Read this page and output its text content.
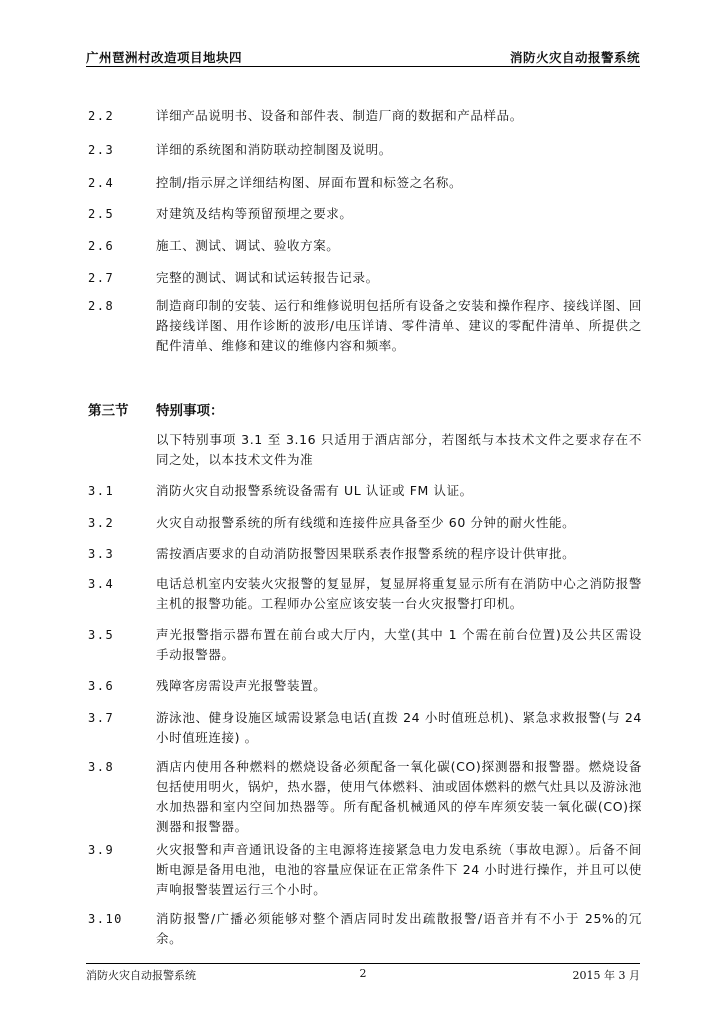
广州琶洲村改造项目地块四	消防火灾自动报警系统
2.2	详细产品说明书、设备和部件表、制造厂商的数据和产品样品。
2.3	详细的系统图和消防联动控制图及说明。
2.4	控制/指示屏之详细结构图、屏面布置和标签之名称。
2.5	对建筑及结构等预留预埋之要求。
2.6	施工、测试、调试、验收方案。
2.7	完整的测试、调试和试运转报告记录。
2.8	制造商印制的安装、运行和维修说明包括所有设备之安装和操作程序、接线详图、回路接线详图、用作诊断的波形/电压详请、零件清单、建议的零配件清单、所提供之配件清单、维修和建议的维修内容和频率。
第三节 特别事项：
以下特别事项 3.1 至 3.16 只适用于酒店部分，若图纸与本技术文件之要求存在不同之处，以本技术文件为准
3.1	消防火灾自动报警系统设备需有 UL 认证或 FM 认证。
3.2	火灾自动报警系统的所有线缆和连接件应具备至少 60 分钟的耐火性能。
3.3	需按酒店要求的自动消防报警因果联系表作报警系统的程序设计供审批。
3.4	电话总机室内安装火灾报警的复显屏，复显屏将重复显示所有在消防中心之消防报警主机的报警功能。工程师办公室应该安装一台火灾报警打印机。
3.5	声光报警指示器布置在前台或大厅内，大堂(其中 1 个需在前台位置)及公共区需设手动报警器。
3.6	残障客房需设声光报警装置。
3.7	游泳池、健身设施区域需设紧急电话(直拨 24 小时值班总机)、紧急求救报警(与 24 小时值班连接) 。
3.8	酒店内使用各种燃料的燃烧设备必须配备一氧化碳(CO)探测器和报警器。燃烧设备包括使用明火，锅炉，热水器，使用气体燃料、油或固体燃料的燃气灶具以及游泳池水加热器和室内空间加热器等。所有配备机械通风的停车库须安装一氧化碳(CO)探测器和报警器。
3.9	火灾报警和声音通讯设备的主电源将连接紧急电力发电系统（事故电源）。后备不间断电源是备用电池，电池的容量应保证在正常条件下 24 小时进行操作，并且可以使声响报警装置运行三个小时。
3.10	消防报警/广播必须能够对整个酒店同时发出疏散报警/语音并有不小于 25%的冗余。
消防火灾自动报警系统	2	2015 年 3 月
